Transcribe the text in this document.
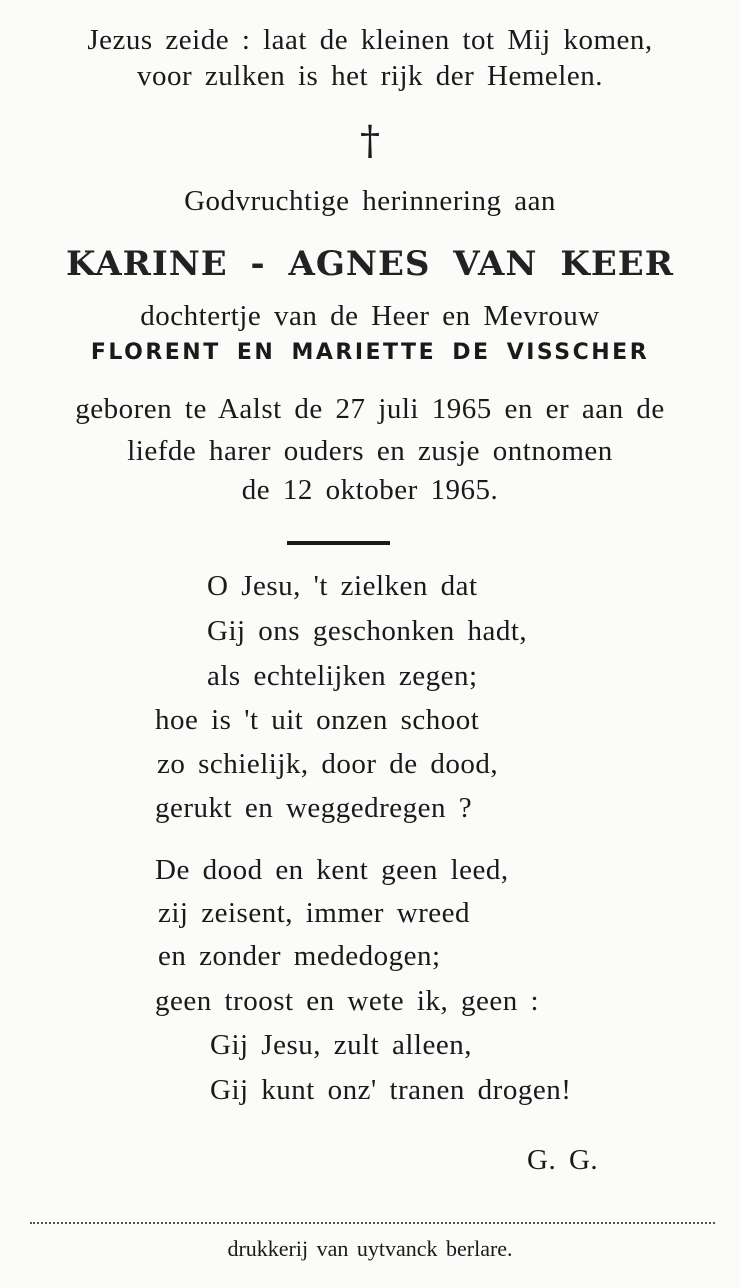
Jezus zeide : laat de kleinen tot Mij komen,
voor zulken is het rijk der Hemelen.
†
Godvruchtige herinnering aan
KARINE - AGNES VAN KEER
dochtertje van de Heer en Mevrouw
FLORENT EN MARIETTE DE VISSCHER
geboren te Aalst de 27 juli 1965 en er aan de
liefde harer ouders en zusje ontnomen
de 12 oktober 1965.
O Jesu, 't zielken dat
Gij ons geschonken hadt,
als echtelijken zegen;
hoe is 't uit onzen schoot
zo schielijk, door de dood,
gerukt en weggedregen ?
De dood en kent geen leed,
zij zeisent, immer wreed
en zonder mededogen;
geen troost en wete ik, geen :
Gij Jesu, zult alleen,
Gij kunt onz' tranen drogen!
G. G.
drukkerij van uytvanck berlare.
